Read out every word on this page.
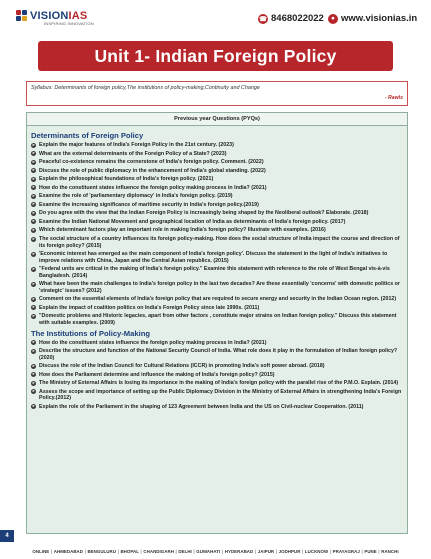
VISIONIAS
INSPIRING INNOVATION
☎ 8468022022	● www.visionias.in
Unit 1- Indian Foreign Policy
Syllabus: Determinants of foreign policy,The institutions of policy-making,Continuity and Change
- Rawls
Previous year Questions (PYQs)
Determinants of Foreign Policy
➤ Explain the major features of India's Foreign Policy in the 21st century. (2023)
➤ What are the external determinants of the Foreign Policy of a State? (2023)
➤ Peaceful co-existence remains the cornerstone of India's foreign policy. Comment. (2022)
➤ Discuss the role of public diplomacy in the enhancement of India's global standing. (2022)
➤ Explain the philosophical foundations of India's foreign policy. (2021)
➤ How do the constituent states influence the foreign policy making process in India? (2021)
➤ Examine the role of 'parliamentary diplomacy' in India's foreign policy. (2019)
➤ Examine the increasing significance of maritime security in India's foreign policy.(2019)
➤ Do you agree with the view that the Indian Foreign Policy is increasingly being shaped by the Neoliberal outlook? Elaborate. (2018)
➤ Examine the Indian National Movement and geographical location of India as determinants of India's foreign policy. (2017)
➤ Which determinant factors play an important role in making India's foreign policy? Illustrate with examples. (2016)
➤ The social structure of a country influences its foreign policy-making. How does the social structure of India impact the course and direction of its foreign policy? (2015)
➤ 'Economic interest has emerged as the main component of India's foreign policy'. Discuss the statement in the light of India's initiatives to improve relations with China, Japan and the Central Asian republics. (2015)
➤ "Federal units are critical in the making of India's foreign policy." Examine this statement with reference to the role of West Bengal vis-à-vis Bangladesh. (2014)
➤ What have been the main challenges to India's foreign policy in the last two decades? Are these essentially 'concerns' with domestic politics or 'strategic' issues? (2012)
➤ Comment on the essential elements of India's foreign policy that are required to secure energy and security in the Indian Ocean region. (2012)
➤ Explain the impact of coalition politics on India's Foreign Policy since late 1990s. (2011)
➤ "Domestic problems and Historic legacies, apart from other factors , constitute major strains on Indian foreign policy." Discuss this statement with suitable examples. (2009)
The Institutions of Policy-Making
➤ How do the constituent states influence the foreign policy making process in India? (2021)
➤ Describe the structure and function of the National Security Council of India. What role does it play in the formulation of Indian foreign policy? (2020)
➤ Discuss the role of the Indian Council for Cultural Relations (ICCR) in promoting India's soft power abroad. (2018)
➤ How does the Parliament determine and influence the making of India's foreign policy? (2015)
➤ The Ministry of External Affairs is losing its importance in the making of India's foreign policy with the parallel rise of the P.M.O. Explain. (2014)
➤ Assess the scope and importance of setting up the Public Diplomacy Division in the Ministry of External Affairs in strengthening India's Foreign Policy.(2012)
➤ Explain the role of the Parliament in the shaping of 123 Agreement between India and the US on Civil-nuclear Cooperation. (2011)
4
ONLINE | AHMEDABAD | BENGULURU | BHOPAL | CHANDIGARH | DELHI | GUWAHATI | HYDERABAD | JAIPUR | JODHPUR | LUCKNOW | PRAYAGRAJ | PUNE | RANCHI
